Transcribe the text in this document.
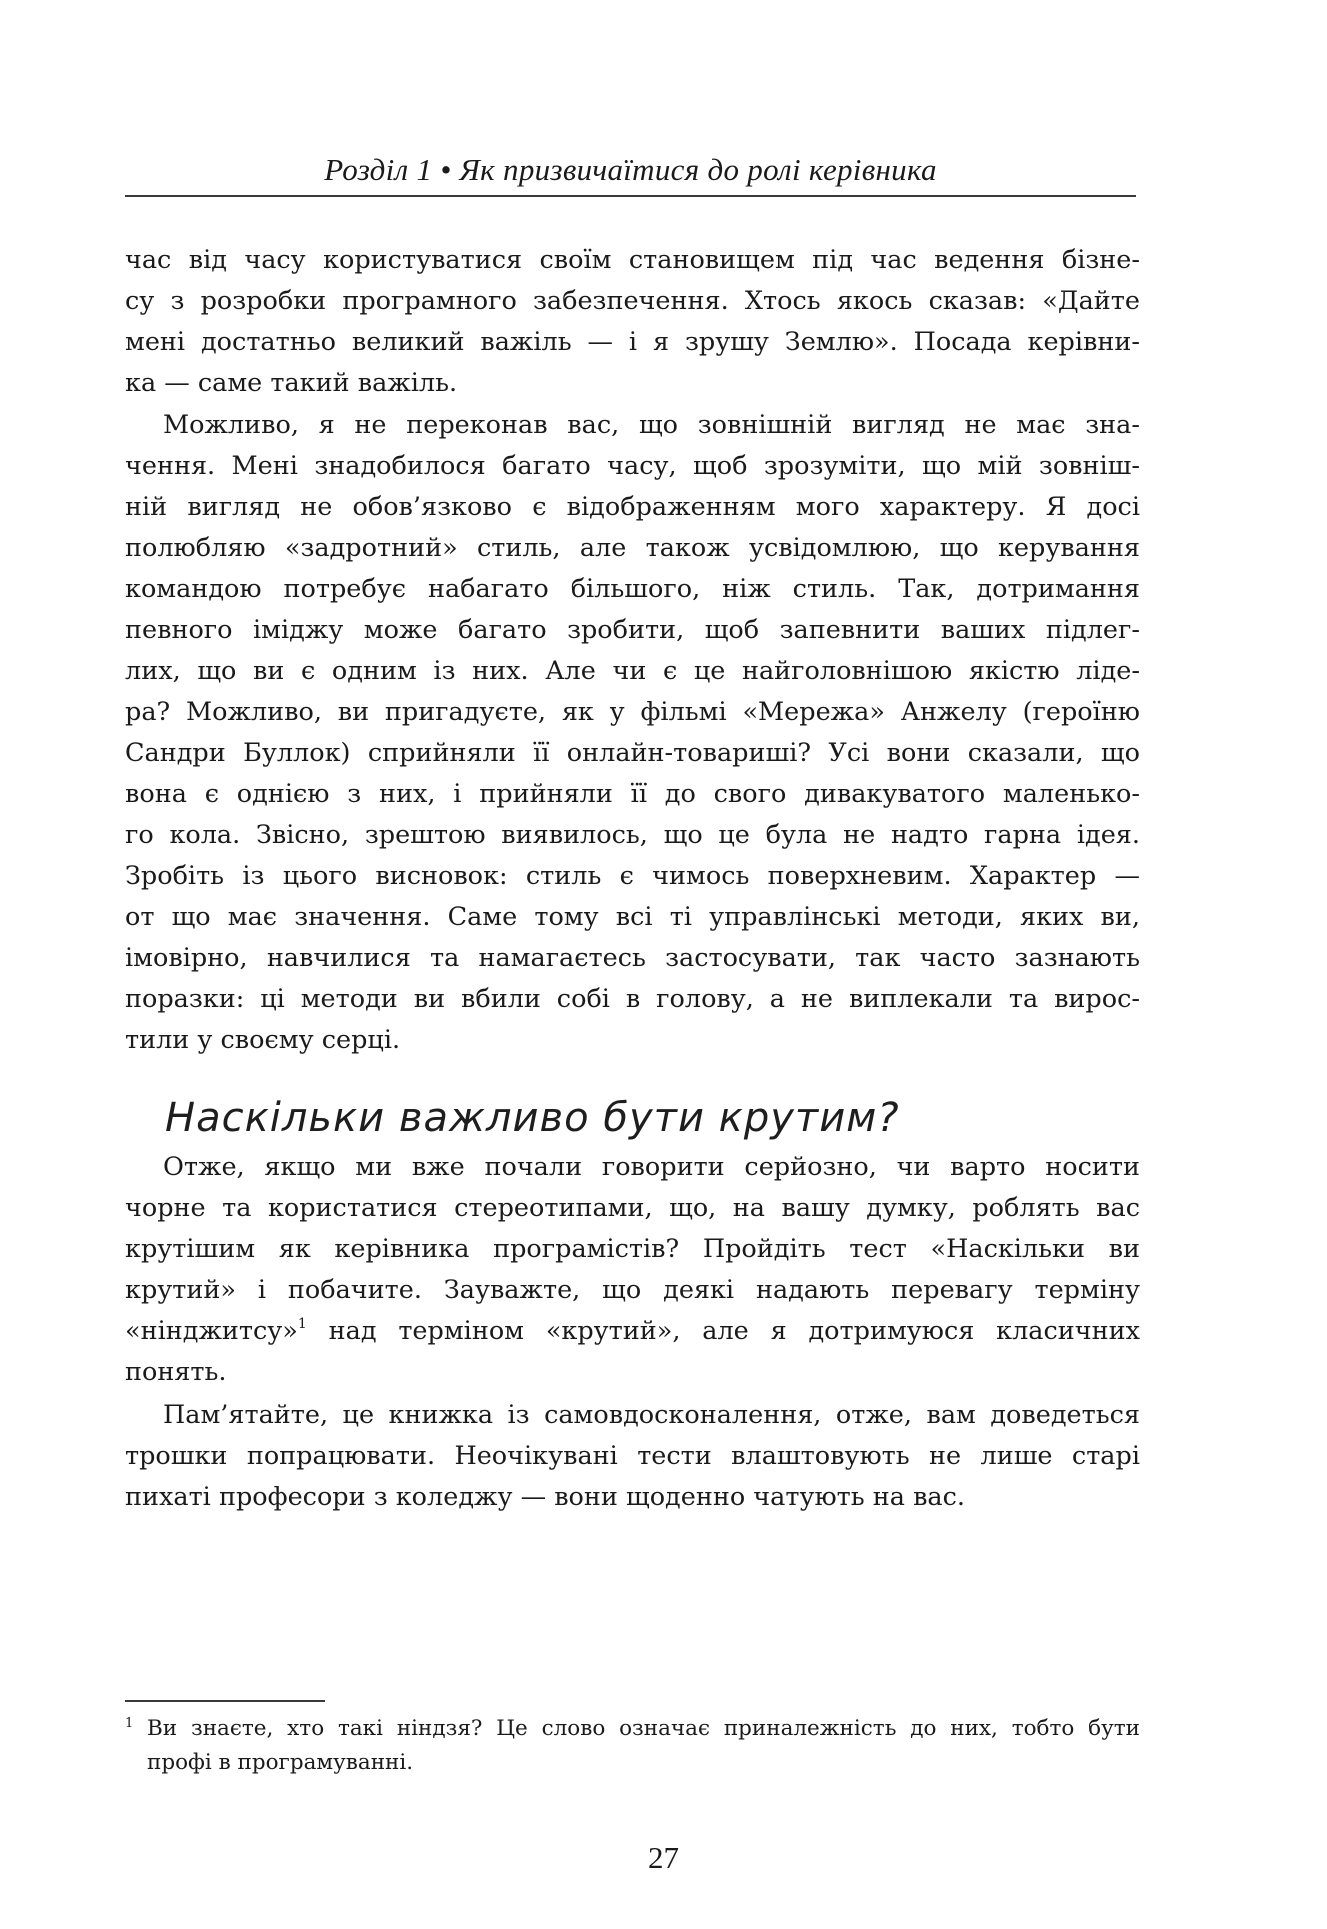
Розділ 1 • Як призвичаїтися до ролі керівника
час від часу користуватися своїм становищем під час ведення бізне-
су з розробки програмного забезпечення. Хтось якось сказав: «Дайте
мені достатньо великий важіль — і я зрушу Землю». Посада керівни-
ка — саме такий важіль.
Можливо, я не переконав вас, що зовнішній вигляд не має зна-
чення. Мені знадобилося багато часу, щоб зрозуміти, що мій зовніш-
ній вигляд не обов’язково є відображенням мого характеру. Я досі
полюбляю «задротний» стиль, але також усвідомлюю, що керування
командою потребує набагато більшого, ніж стиль. Так, дотримання
певного іміджу може багато зробити, щоб запевнити ваших підлег-
лих, що ви є одним із них. Але чи є це найголовнішою якістю ліде-
ра? Можливо, ви пригадуєте, як у фільмі «Мережа» Анжелу (героїню
Сандри Буллок) сприйняли її онлайн-товариші? Усі вони сказали, що
вона є однією з них, і прийняли її до свого дивакуватого маленько-
го кола. Звісно, зрештою виявилось, що це була не надто гарна ідея.
Зробіть із цього висновок: стиль є чимось поверхневим. Характер —
от що має значення. Саме тому всі ті управлінські методи, яких ви,
імовірно, навчилися та намагаєтесь застосувати, так часто зазнають
поразки: ці методи ви вбили собі в голову, а не виплекали та вирос-
тили у своєму серці.
Наскільки важливо бути крутим?
Отже, якщо ми вже почали говорити серйозно, чи варто носити
чорне та користатися стереотипами, що, на вашу думку, роблять вас
крутішим як керівника програмістів? Пройдіть тест «Наскільки ви
крутий» і побачите. Зауважте, що деякі надають перевагу терміну
«нінджитсу»$^1$ над терміном «крутий», але я дотримуюся класичних
понять.
Пам’ятайте, це книжка із самовдосконалення, отже, вам доведеться
трошки попрацювати. Неочікувані тести влаштовують не лише старі
пихаті професори з коледжу — вони щоденно чатують на вас.
1 Ви знаєте, хто такі ніндзя? Це слово означає приналежність до них, тобто бути
профі в програмуванні.
27
